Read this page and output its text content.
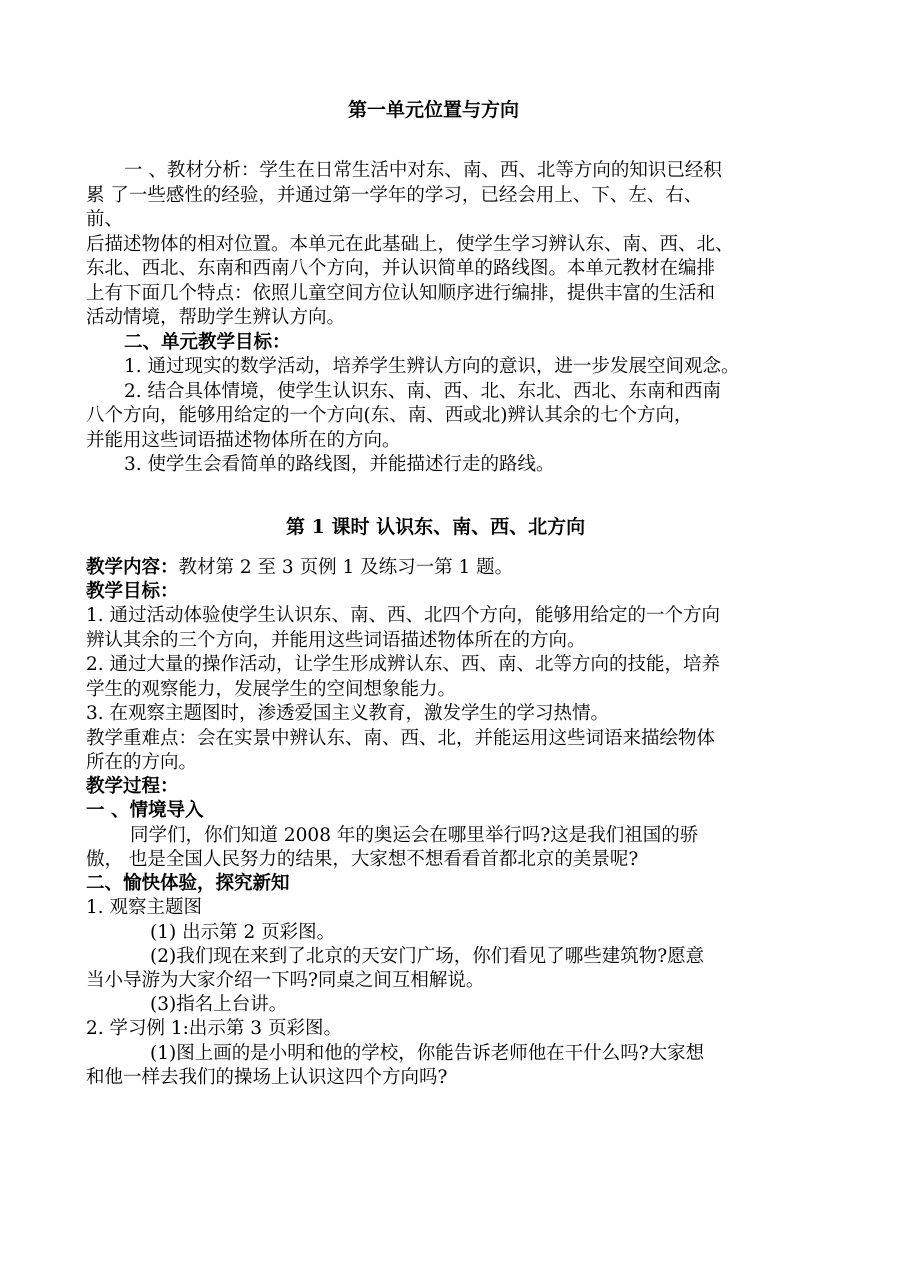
第一单元位置与方向
一 、教材分析：学生在日常生活中对东、南、西、北等方向的知识已经积
累 了一些感性的经验，并通过第一学年的学习，已经会用上、下、左、右、
前、
后描述物体的相对位置。本单元在此基础上，使学生学习辨认东、南、西、北、
东北、西北、东南和西南八个方向，并认识简单的路线图。本单元教材在编排
上有下面几个特点：依照儿童空间方位认知顺序进行编排，提供丰富的生活和
活动情境，帮助学生辨认方向。
二、单元教学目标：
1. 通过现实的数学活动，培养学生辨认方向的意识，进一步发展空间观念。
2. 结合具体情境，使学生认识东、南、西、北、东北、西北、东南和西南
八个方向，能够用给定的一个方向(东、南、西或北)辨认其余的七个方向，
并能用这些词语描述物体所在的方向。
3. 使学生会看简单的路线图，并能描述行走的路线。
第 1 课时 认识东、南、西、北方向
教学内容：教材第 2 至 3 页例 1 及练习一第 1 题。
教学目标：
1. 通过活动体验使学生认识东、南、西、北四个方向，能够用给定的一个方向
辨认其余的三个方向，并能用这些词语描述物体所在的方向。
2. 通过大量的操作活动，让学生形成辨认东、西、南、北等方向的技能，培养
学生的观察能力，发展学生的空间想象能力。
3. 在观察主题图时，渗透爱国主义教育，激发学生的学习热情。
教学重难点：会在实景中辨认东、南、西、北，并能运用这些词语来描绘物体
所在的方向。
教学过程：
一 、情境导入
同学们，你们知道 2008 年的奥运会在哪里举行吗?这是我们祖国的骄
傲， 也是全国人民努力的结果，大家想不想看看首都北京的美景呢?
二、愉快体验，探究新知
1. 观察主题图
(1) 出示第 2 页彩图。
(2)我们现在来到了北京的天安门广场，你们看见了哪些建筑物?愿意
当小导游为大家介绍一下吗?同桌之间互相解说。
(3)指名上台讲。
2. 学习例 1:出示第 3 页彩图。
(1)图上画的是小明和他的学校，你能告诉老师他在干什么吗?大家想
和他一样去我们的操场上认识这四个方向吗?
